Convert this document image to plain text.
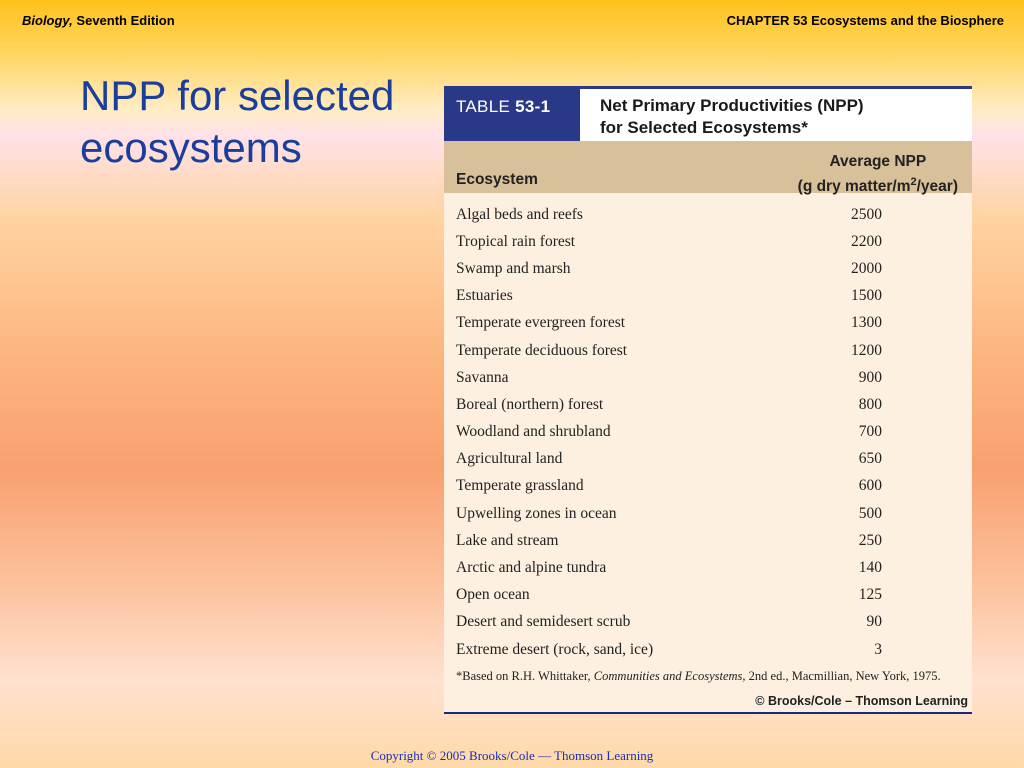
Biology, Seventh Edition	CHAPTER 53 Ecosystems and the Biosphere
NPP for selected ecosystems
TABLE 53-1	Net Primary Productivities (NPP)
for Selected Ecosystems*
Ecosystem
Average NPP
(g dry matter/$m^2/year$)
Algal beds and reefs	2500
Tropical rain forest	2200
Swamp and marsh	2000
Estuaries	1500
Temperate evergreen forest	1300
Temperate deciduous forest	1200
Savanna	900
Boreal (northern) forest	800
Woodland and shrubland	700
Agricultural land	650
Temperate grassland	600
Upwelling zones in ocean	500
Lake and stream	250
Arctic and alpine tundra	140
Open ocean	125
Desert and semidesert scrub	90
Extreme desert (rock, sand, ice)	3
*Based on R.H. Whittaker, Communities and Ecosystems, 2nd ed., Macmillian, New York, 1975.
© Brooks/Cole – Thomson Learning
Copyright © 2005 Brooks/Cole — Thomson Learning
